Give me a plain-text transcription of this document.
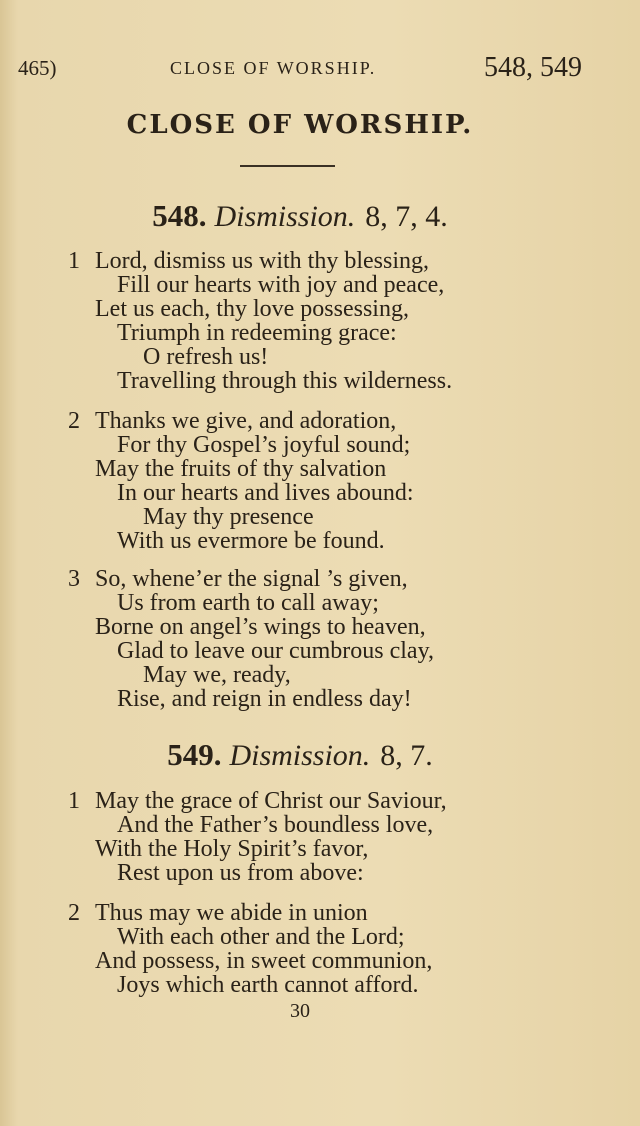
465)	CLOSE OF WORSHIP.	548, 549
CLOSE OF WORSHIP.
548. Dismission. 8, 7, 4.
1 Lord, dismiss us with thy blessing,
Fill our hearts with joy and peace,
Let us each, thy love possessing,
Triumph in redeeming grace:
O refresh us!
Travelling through this wilderness.
2 Thanks we give, and adoration,
For thy Gospel’s joyful sound;
May the fruits of thy salvation
In our hearts and lives abound:
May thy presence
With us evermore be found.
3 So, whene’er the signal ’s given,
Us from earth to call away;
Borne on angel’s wings to heaven,
Glad to leave our cumbrous clay,
May we, ready,
Rise, and reign in endless day!
549. Dismission. 8, 7.
1 May the grace of Christ our Saviour,
And the Father’s boundless love,
With the Holy Spirit’s favor,
Rest upon us from above:
2 Thus may we abide in union
With each other and the Lord;
And possess, in sweet communion,
Joys which earth cannot afford.
30
